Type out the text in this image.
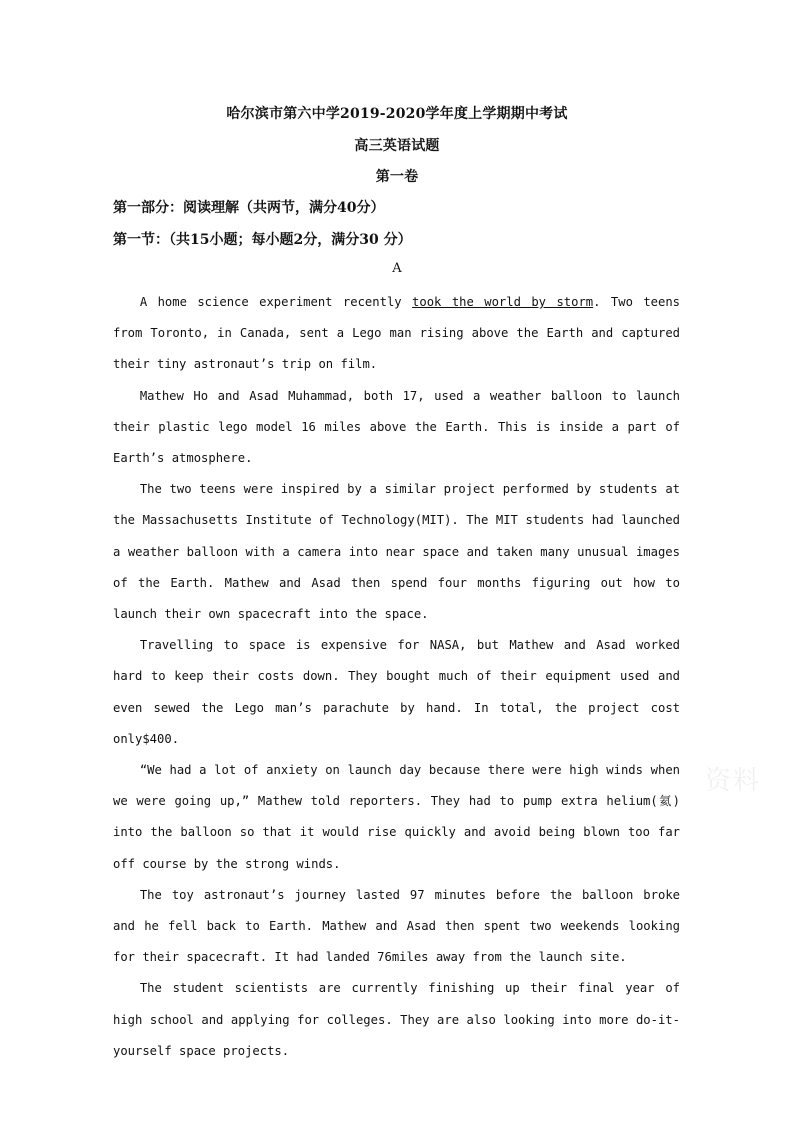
哈尔滨市第六中学2019-2020学年度上学期期中考试
高三英语试题
第一卷
第一部分：阅读理解（共两节，满分40分）
第一节：（共15小题；每小题2分，满分30 分）
A

A home science experiment recently took the world by storm. Two teens from Toronto, in Canada, sent a Lego man rising above the Earth and captured their tiny astronaut’s trip on film.

Mathew Ho and Asad Muhammad, both 17, used a weather balloon to launch their plastic lego model 16 miles above the Earth. This is inside a part of Earth’s atmosphere.

The two teens were inspired by a similar project performed by students at the Massachusetts Institute of Technology(MIT). The MIT students had launched a weather balloon with a camera into near space and taken many unusual images of the Earth. Mathew and Asad then spend four months figuring out how to launch their own spacecraft into the space.

Travelling to space is expensive for NASA, but Mathew and Asad worked hard to keep their costs down. They bought much of their equipment used and even sewed the Lego man’s parachute by hand. In total, the project cost only$400.

“We had a lot of anxiety on launch day because there were high winds when we were going up,” Mathew told reporters. They had to pump extra helium(氦) into the balloon so that it would rise quickly and avoid being blown too far off course by the strong winds.

The toy astronaut’s journey lasted 97 minutes before the balloon broke and he fell back to Earth. Mathew and Asad then spent two weekends looking for their spacecraft. It had landed 76miles away from the launch site.

The student scientists are currently finishing up their final year of high school and applying for colleges. They are also looking into more do-it-yourself space projects.

资料
